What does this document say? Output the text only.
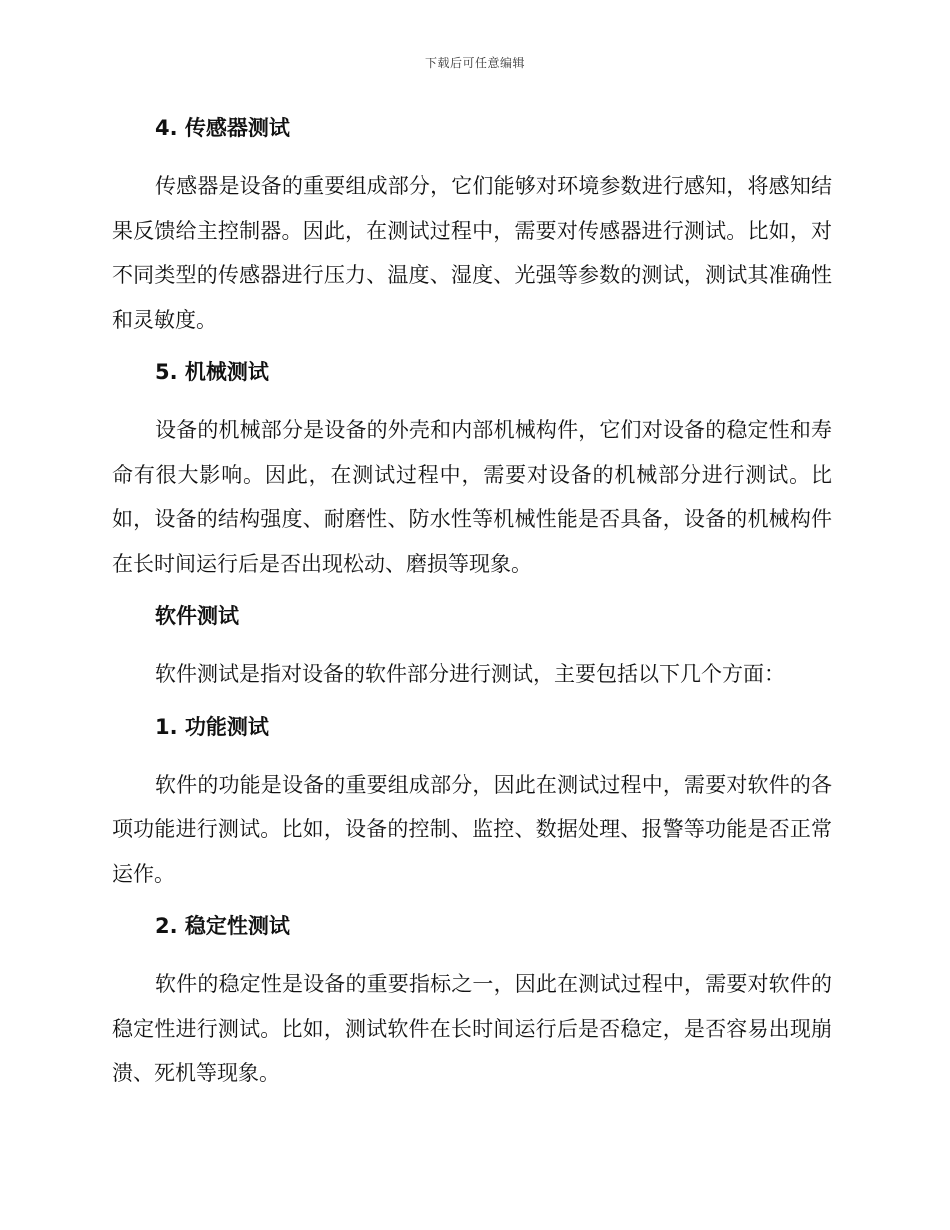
下载后可任意编辑
4. 传感器测试

传感器是设备的重要组成部分，它们能够对环境参数进行感知，将感知结果反馈给主控制器。因此，在测试过程中，需要对传感器进行测试。比如，对不同类型的传感器进行压力、温度、湿度、光强等参数的测试，测试其准确性和灵敏度。

5. 机械测试

设备的机械部分是设备的外壳和内部机械构件，它们对设备的稳定性和寿命有很大影响。因此，在测试过程中，需要对设备的机械部分进行测试。比如，设备的结构强度、耐磨性、防水性等机械性能是否具备，设备的机械构件在长时间运行后是否出现松动、磨损等现象。

软件测试

软件测试是指对设备的软件部分进行测试，主要包括以下几个方面：

1. 功能测试

软件的功能是设备的重要组成部分，因此在测试过程中，需要对软件的各项功能进行测试。比如，设备的控制、监控、数据处理、报警等功能是否正常运作。

2. 稳定性测试

软件的稳定性是设备的重要指标之一，因此在测试过程中，需要对软件的稳定性进行测试。比如，测试软件在长时间运行后是否稳定，是否容易出现崩溃、死机等现象。
